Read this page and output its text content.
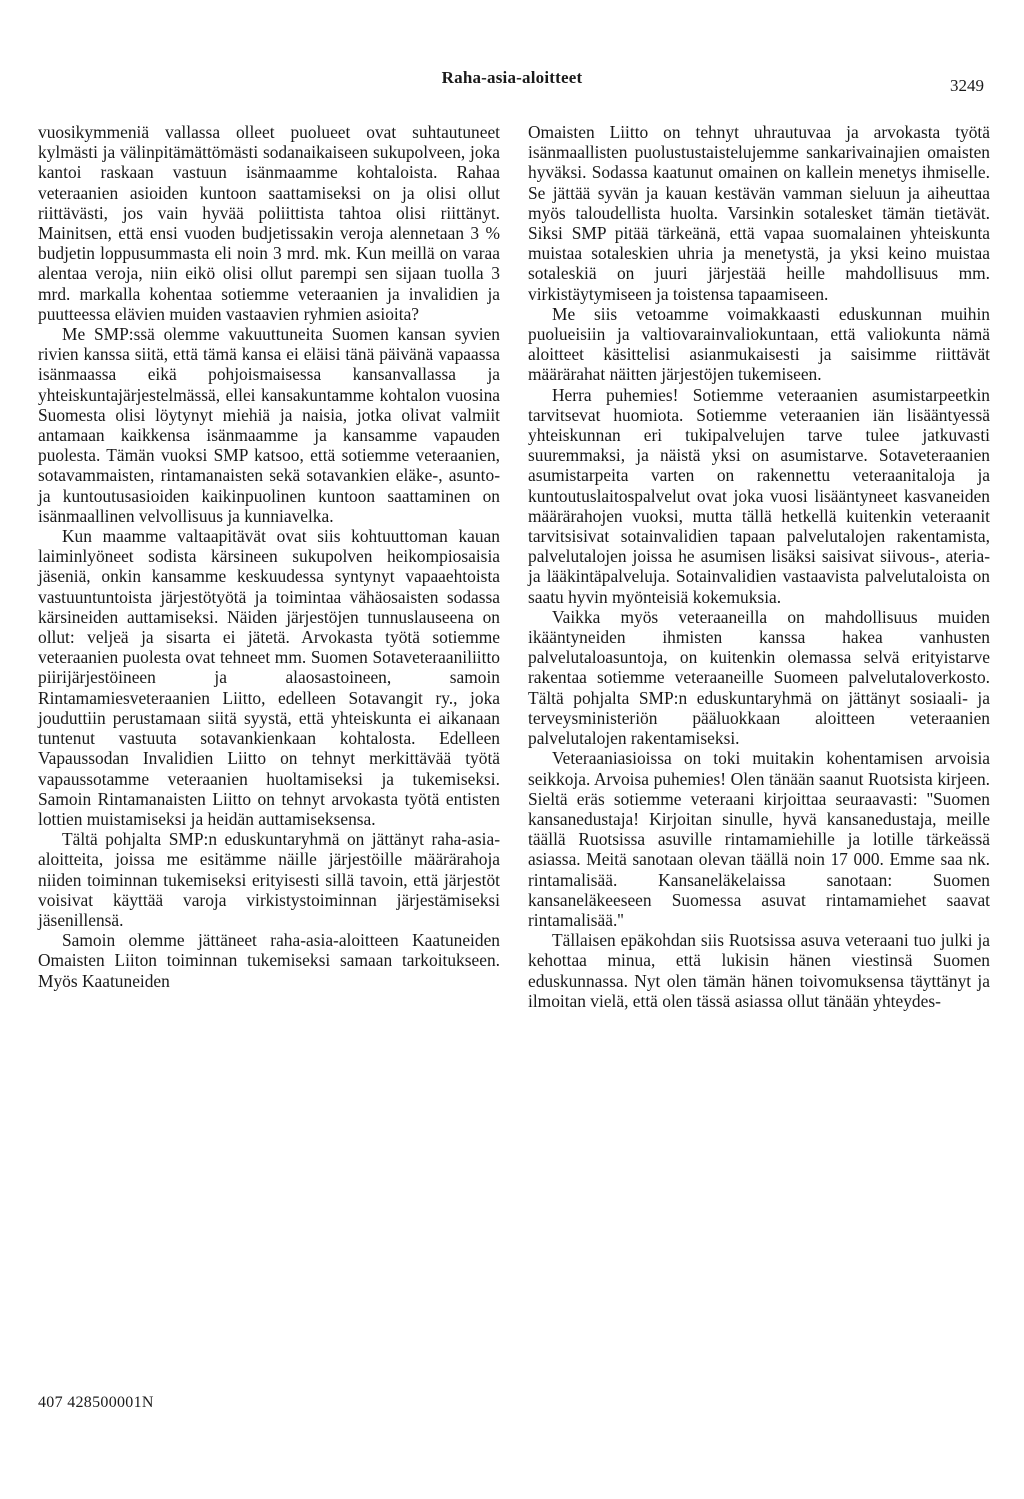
Raha-asia-aloitteet	3249

vuosikymmeniä vallassa olleet puolueet ovat suhtautuneet kylmästi ja välinpitämättömästi sodanaikaiseen sukupolveen, joka kantoi raskaan vastuun isänmaamme kohtaloista. Rahaa veteraanien asioiden kuntoon saattamiseksi on ja olisi ollut riittävästi, jos vain hyvää poliittista tahtoa olisi riittänyt. Mainitsen, että ensi vuoden budjetissakin veroja alennetaan 3 % budjetin loppusummasta eli noin 3 mrd. mk. Kun meillä on varaa alentaa veroja, niin eikö olisi ollut parempi sen sijaan tuolla 3 mrd. markalla kohentaa sotiemme veteraanien ja invalidien ja puutteessa elävien muiden vastaavien ryhmien asioita?

Me SMP:ssä olemme vakuuttuneita Suomen kansan syvien rivien kanssa siitä, että tämä kansa ei eläisi tänä päivänä vapaassa isänmaassa eikä pohjoismaisessa kansanvallassa ja yhteiskuntajärjestelmässä, ellei kansakuntamme kohtalon vuosina Suomesta olisi löytynyt miehiä ja naisia, jotka olivat valmiit antamaan kaikkensa isänmaamme ja kansamme vapauden puolesta. Tämän vuoksi SMP katsoo, että sotiemme veteraanien, sotavammaisten, rintamanaisten sekä sotavankien eläke-, asunto- ja kuntoutusasioiden kaikinpuolinen kuntoon saattaminen on isänmaallinen velvollisuus ja kunniavelka.

Kun maamme valtaapitävät ovat siis kohtuuttoman kauan laiminlyöneet sodista kärsineen sukupolven heikompiosaisia jäseniä, onkin kansamme keskuudessa syntynyt vapaaehtoista vastuuntuntoista järjestötyötä ja toimintaa vähäosaisten sodassa kärsineiden auttamiseksi. Näiden järjestöjen tunnuslauseena on ollut: veljeä ja sisarta ei jätetä. Arvokasta työtä sotiemme veteraanien puolesta ovat tehneet mm. Suomen Sotaveteraaniliitto piirijärjestöineen ja alaosastoineen, samoin Rintamamiesveteraanien Liitto, edelleen Sotavangit ry., joka jouduttiin perustamaan siitä syystä, että yhteiskunta ei aikanaan tuntenut vastuuta sotavankienkaan kohtalosta. Edelleen Vapaussodan Invalidien Liitto on tehnyt merkittävää työtä vapaussotamme veteraanien huoltamiseksi ja tukemiseksi. Samoin Rintamanaisten Liitto on tehnyt arvokasta työtä entisten lottien muistamiseksi ja heidän auttamiseksensa.

Tältä pohjalta SMP:n eduskuntaryhmä on jättänyt raha-asia-aloitteita, joissa me esitämme näille järjestöille määrärahoja niiden toiminnan tukemiseksi erityisesti sillä tavoin, että järjestöt voisivat käyttää varoja virkistystoiminnan järjestämiseksi jäsenillensä.

Samoin olemme jättäneet raha-asia-aloitteen Kaatuneiden Omaisten Liiton toiminnan tukemiseksi samaan tarkoitukseen. Myös Kaatuneiden

Omaisten Liitto on tehnyt uhrautuvaa ja arvokasta työtä isänmaallisten puolustustaistelujemme sankarivainajien omaisten hyväksi. Sodassa kaatunut omainen on kallein menetys ihmiselle. Se jättää syvän ja kauan kestävän vamman sieluun ja aiheuttaa myös taloudellista huolta. Varsinkin sotalesket tämän tietävät. Siksi SMP pitää tärkeänä, että vapaa suomalainen yhteiskunta muistaa sotaleskien uhria ja menetystä, ja yksi keino muistaa sotaleskiä on juuri järjestää heille mahdollisuus mm. virkistäytymiseen ja toistensa tapaamiseen.

Me siis vetoamme voimakkaasti eduskunnan muihin puolueisiin ja valtiovarainvaliokuntaan, että valiokunta nämä aloitteet käsittelisi asianmukaisesti ja saisimme riittävät määrärahat näitten järjestöjen tukemiseen.

Herra puhemies! Sotiemme veteraanien asumistarpeetkin tarvitsevat huomiota. Sotiemme veteraanien iän lisääntyessä yhteiskunnan eri tukipalvelujen tarve tulee jatkuvasti suuremmaksi, ja näistä yksi on asumistarve. Sotaveteraanien asumistarpeita varten on rakennettu veteraanitaloja ja kuntoutuslaitospalvelut ovat joka vuosi lisääntyneet kasvaneiden määrärahojen vuoksi, mutta tällä hetkellä kuitenkin veteraanit tarvitsisivat sotainvalidien tapaan palvelutalojen rakentamista, palvelutalojen joissa he asumisen lisäksi saisivat siivous-, ateria- ja lääkintäpalveluja. Sotainvalidien vastaavista palvelutaloista on saatu hyvin myönteisiä kokemuksia.

Vaikka myös veteraaneilla on mahdollisuus muiden ikääntyneiden ihmisten kanssa hakea vanhusten palvelutaloasuntoja, on kuitenkin olemassa selvä erityistarve rakentaa sotiemme veteraaneille Suomeen palvelutaloverkosto. Tältä pohjalta SMP:n eduskuntaryhmä on jättänyt sosiaali- ja terveysministeriön pääluokkaan aloitteen veteraanien palvelutalojen rakentamiseksi.

Veteraaniasioissa on toki muitakin kohentamisen arvoisia seikkoja. Arvoisa puhemies! Olen tänään saanut Ruotsista kirjeen. Sieltä eräs sotiemme veteraani kirjoittaa seuraavasti: ''Suomen kansanedustaja! Kirjoitan sinulle, hyvä kansanedustaja, meille täällä Ruotsissa asuville rintamamiehille ja lotille tärkeässä asiassa. Meitä sanotaan olevan täällä noin 17 000. Emme saa nk. rintamalisää. Kansaneläkelaissa sanotaan: Suomen kansaneläkeeseen Suomessa asuvat rintamamiehet saavat rintamalisää.''

Tällaisen epäkohdan siis Ruotsissa asuva veteraani tuo julki ja kehottaa minua, että lukisin hänen viestinsä Suomen eduskunnassa. Nyt olen tämän hänen toivomuksensa täyttänyt ja ilmoitan vielä, että olen tässä asiassa ollut tänään yhteydes-

407 428500001N
